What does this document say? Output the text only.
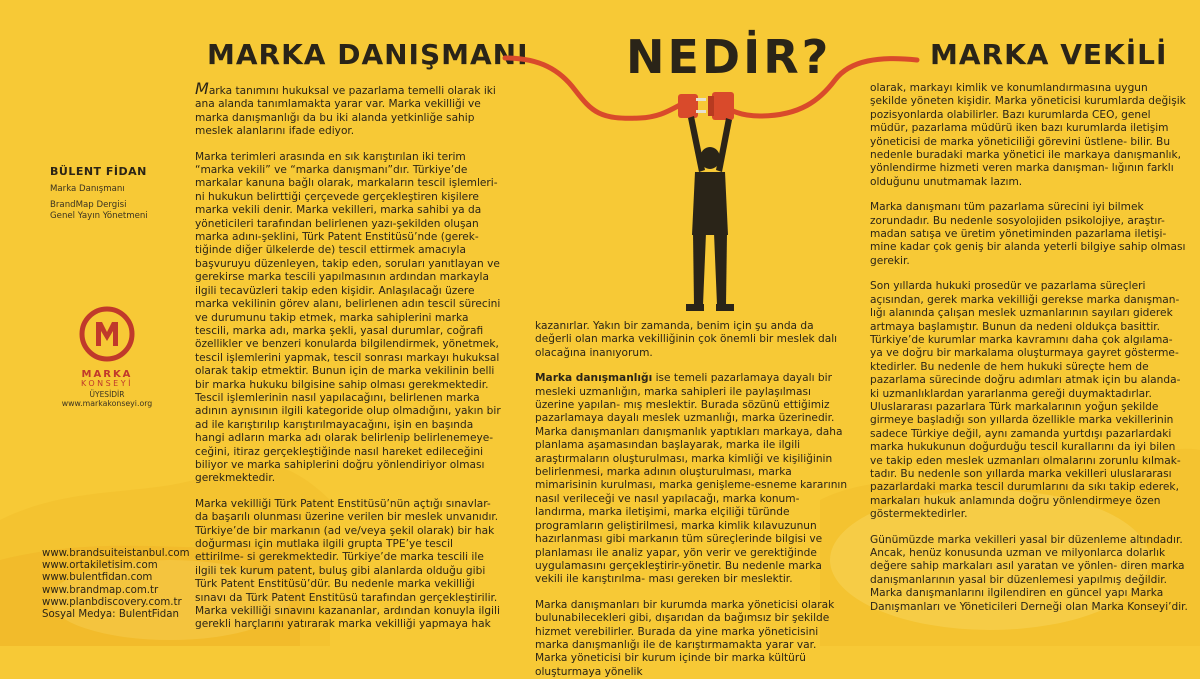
MARKA DANIŞMANI NEDİR?	MARKA VEKİLİ
BÜLENT FİDAN
Marka Danışmanı
BrandMap Dergisi
Genel Yayın Yönetmeni
MARKA
KONSEYİ
ÜYESİDİR
www.markakonseyi.org
www.brandsuiteistanbul.com
www.ortakiletisim.com
www.bulentfidan.com
www.brandmap.com.tr
www.planbdiscovery.com.tr
Sosyal Medya: BulentFidan

Marka tanımını hukuksal ve pazarlama temelli olarak iki ana alanda tanımlamakta yarar var. Marka vekilliği ve marka danışmanlığı da bu iki alanda yetkinliğe sahip meslek alanlarını ifade ediyor.

Marka terimleri arasında en sık karıştırılan iki terim “marka vekili” ve “marka danışmanı”dır. Türkiye’de markalar kanuna bağlı olarak, markaların tescil işlemleri- ni hukukun belirttiği çerçevede gerçekleştiren kişilere marka vekili denir. Marka vekilleri, marka sahibi ya da yöneticileri tarafından belirlenen yazı-şekilden oluşan marka adını-şeklini, Türk Patent Enstitüsü’nde (gerek- tiğinde diğer ülkelerde de) tescil ettirmek amacıyla başvuruyu düzenleyen, takip eden, soruları yanıtlayan ve gerekirse marka tescili yapılmasının ardından markayla ilgili tecavüzleri takip eden kişidir. Anlaşılacağı üzere marka vekilinin görev alanı, belirlenen adın tescil sürecini ve durumunu takip etmek, marka sahiplerini marka tescili, marka adı, marka şekli, yasal durumlar, coğrafi özellikler ve benzeri konularda bilgilendirmek, yönetmek, tescil işlemlerini yapmak, tescil sonrası markayı hukuksal olarak takip etmektir. Bunun için de marka vekilinin belli bir marka hukuku bilgisine sahip olması gerekmektedir. Tescil işlemlerinin nasıl yapılacağını, belirlenen marka adının aynısının ilgili kategoride olup olmadığını, yakın bir ad ile karıştırılıp karıştırılmayacağını, işin en başında hangi adların marka adı olarak belirlenip belirlenemeye- ceğini, itiraz gerçekleştiğinde nasıl hareket edileceğini biliyor ve marka sahiplerini doğru yönlendiriyor olması gerekmektedir.

Marka vekilliği Türk Patent Enstitüsü’nün açtığı sınavlar- da başarılı olunması üzerine verilen bir meslek unvanıdır. Türkiye’de bir markanın (ad ve/veya şekil olarak) bir hak doğurması için mutlaka ilgili grupta TPE’ye tescil ettirilme- si gerekmektedir. Türkiye’de marka tescili ile ilgili tek kurum patent, buluş gibi alanlarda olduğu gibi Türk Patent Enstitüsü’dür. Bu nedenle marka vekilliği sınavı da Türk Patent Enstitüsü tarafından gerçekleştirilir. Marka vekilliği sınavını kazananlar, ardından konuyla ilgili gerekli harçlarını yatırarak marka vekilliği yapmaya hak

kazanırlar. Yakın bir zamanda, benim için şu anda da değerli olan marka vekilliğinin çok önemli bir meslek dalı olacağına inanıyorum.

Marka danışmanlığı ise temeli pazarlamaya dayalı bir mesleki uzmanlığın, marka sahipleri ile paylaşılması üzerine yapılan- mış meslektir. Burada sözünü ettiğimiz pazarlamaya dayalı meslek uzmanlığı, marka üzerinedir. Marka danışmanları danışmanlık yaptıkları markaya, daha planlama aşamasından başlayarak, marka ile ilgili araştırmaların oluşturulması, marka kimliği ve kişiliğinin belirlenmesi, marka adının oluşturulması, marka mimarisinin kurulması, marka genişleme-esneme kararının nasıl verileceği ve nasıl yapılacağı, marka konum- landırma, marka iletişimi, marka elçiliği türünde programların geliştirilmesi, marka kimlik kılavuzunun hazırlanması gibi markanın tüm süreçlerinde bilgisi ve planlaması ile analiz yapar, yön verir ve gerektiğinde uygulamasını gerçekleştirir-yönetir. Bu nedenle marka vekili ile karıştırılma- ması gereken bir meslektir.

Marka danışmanları bir kurumda marka yöneticisi olarak bulunabilecekleri gibi, dışarıdan da bağımsız bir şekilde hizmet verebilirler. Burada da yine marka yöneticisini marka danışmanlığı ile de karıştırmamakta yarar var. Marka yöneticisi bir kurum içinde bir marka kültürü oluşturmaya yönelik

olarak, markayı kimlik ve konumlandırmasına uygun şekilde yöneten kişidir. Marka yöneticisi kurumlarda değişik pozisyonlarda olabilirler. Bazı kurumlarda CEO, genel müdür, pazarlama müdürü iken bazı kurumlarda iletişim yöneticisi de marka yöneticiliği görevini üstlene- bilir. Bu nedenle buradaki marka yönetici ile markaya danışmanlık, yönlendirme hizmeti veren marka danışman- lığının farklı olduğunu unutmamak lazım.

Marka danışmanı tüm pazarlama sürecini iyi bilmek zorundadır. Bu nedenle sosyolojiden psikolojiye, araştır- madan satışa ve üretim yönetiminden pazarlama iletişi- mine kadar çok geniş bir alanda yeterli bilgiye sahip olması gerekir.

Son yıllarda hukuki prosedür ve pazarlama süreçleri açısından, gerek marka vekilliği gerekse marka danışman- lığı alanında çalışan meslek uzmanlarının sayıları giderek artmaya başlamıştır. Bunun da nedeni oldukça basittir. Türkiye’de kurumlar marka kavramını daha çok algılama- ya ve doğru bir markalama oluşturmaya gayret gösterme- ktedirler. Bu nedenle de hem hukuki süreçte hem de pazarlama sürecinde doğru adımları atmak için bu alanda- ki uzmanlıklardan yararlanma gereği duymaktadırlar. Uluslararası pazarlara Türk markalarının yoğun şekilde girmeye başladığı son yıllarda özellikle marka vekillerinin sadece Türkiye değil, aynı zamanda yurtdışı pazarlardaki marka hukukunun doğurduğu tescil kurallarını da iyi bilen ve takip eden meslek uzmanları olmalarını zorunlu kılmak- tadır. Bu nedenle son yıllarda marka vekilleri uluslararası pazarlardaki marka tescil durumlarını da sıkı takip ederek, markaları hukuk anlamında doğru yönlendirmeye özen göstermektedirler.

Günümüzde marka vekilleri yasal bir düzenleme altındadır. Ancak, henüz konusunda uzman ve milyonlarca dolarlık değere sahip markaları asıl yaratan ve yönlen- diren marka danışmanlarının yasal bir düzenlemesi yapılmış değildir. Marka danışmanlarını ilgilendiren en güncel yapı Marka Danışmanları ve Yöneticileri Derneği olan Marka Konseyi’dir.
